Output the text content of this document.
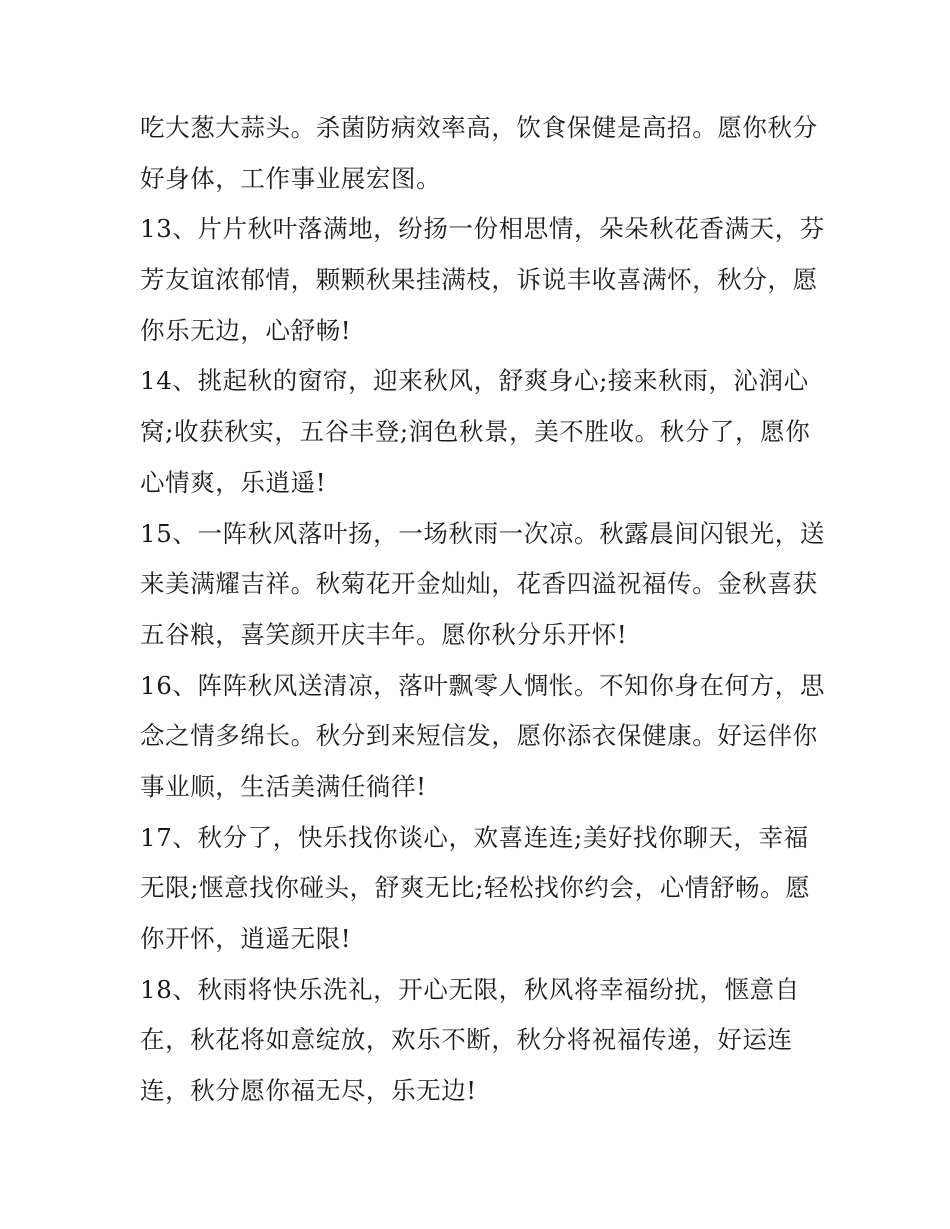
吃大葱大蒜头。杀菌防病效率高，饮食保健是高招。愿你秋分
好身体，工作事业展宏图。

13、片片秋叶落满地，纷扬一份相思情，朵朵秋花香满天，芬
芳友谊浓郁情，颗颗秋果挂满枝，诉说丰收喜满怀，秋分，愿
你乐无边，心舒畅!

14、挑起秋的窗帘，迎来秋风，舒爽身心;接来秋雨，沁润心
窝;收获秋实，五谷丰登;润色秋景，美不胜收。秋分了，愿你
心情爽，乐逍遥!

15、一阵秋风落叶扬，一场秋雨一次凉。秋露晨间闪银光，送
来美满耀吉祥。秋菊花开金灿灿，花香四溢祝福传。金秋喜获
五谷粮，喜笑颜开庆丰年。愿你秋分乐开怀!

16、阵阵秋风送清凉，落叶飘零人惆怅。不知你身在何方，思
念之情多绵长。秋分到来短信发，愿你添衣保健康。好运伴你
事业顺，生活美满任徜徉!

17、秋分了，快乐找你谈心，欢喜连连;美好找你聊天，幸福
无限;惬意找你碰头，舒爽无比;轻松找你约会，心情舒畅。愿
你开怀，逍遥无限!

18、秋雨将快乐洗礼，开心无限，秋风将幸福纷扰，惬意自
在，秋花将如意绽放，欢乐不断，秋分将祝福传递，好运连
连，秋分愿你福无尽，乐无边!
